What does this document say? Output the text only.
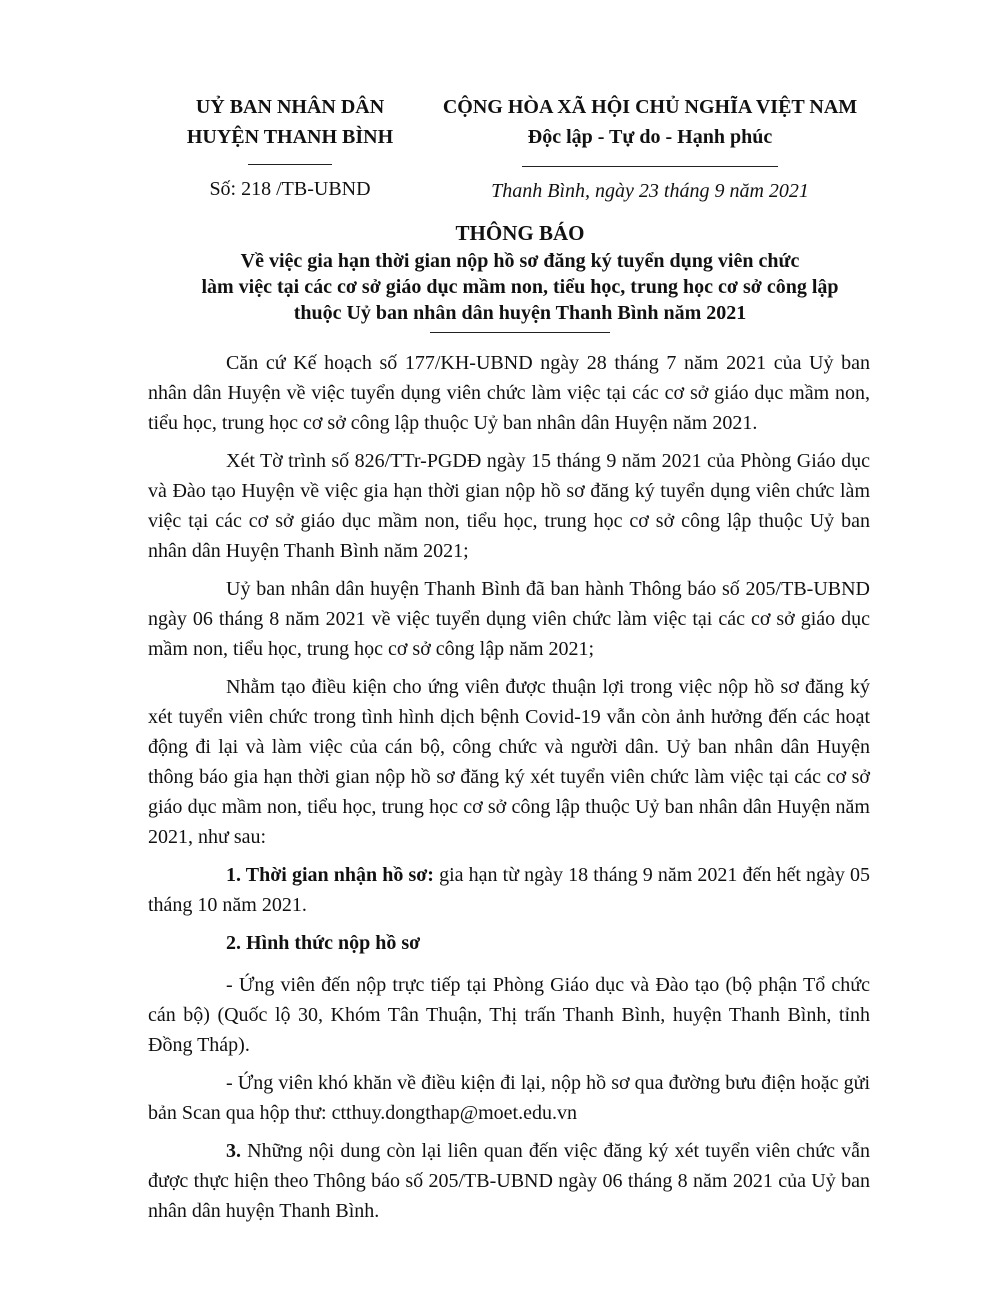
UỶ BAN NHÂN DÂN
HUYỆN THANH BÌNH
CỘNG HÒA XÃ HỘI CHỦ NGHĨA VIỆT NAM
Độc lập - Tự do - Hạnh phúc
Số: 218 /TB-UBND	Thanh Bình, ngày 23 tháng 9 năm 2021
THÔNG BÁO
Về việc gia hạn thời gian nộp hồ sơ đăng ký tuyển dụng viên chức
làm việc tại các cơ sở giáo dục mầm non, tiểu học, trung học cơ sở công lập
thuộc Uỷ ban nhân dân huyện Thanh Bình năm 2021

Căn cứ Kế hoạch số 177/KH-UBND ngày 28 tháng 7 năm 2021 của Uỷ ban nhân dân Huyện về việc tuyển dụng viên chức làm việc tại các cơ sở giáo dục mầm non, tiểu học, trung học cơ sở công lập thuộc Uỷ ban nhân dân Huyện năm 2021.

Xét Tờ trình số 826/TTr-PGDĐ ngày 15 tháng 9 năm 2021 của Phòng Giáo dục và Đào tạo Huyện về việc gia hạn thời gian nộp hồ sơ đăng ký tuyển dụng viên chức làm việc tại các cơ sở giáo dục mầm non, tiểu học, trung học cơ sở công lập thuộc Uỷ ban nhân dân Huyện Thanh Bình năm 2021;

Uỷ ban nhân dân huyện Thanh Bình đã ban hành Thông báo số 205/TB-UBND ngày 06 tháng 8 năm 2021 về việc tuyển dụng viên chức làm việc tại các cơ sở giáo dục mầm non, tiểu học, trung học cơ sở công lập năm 2021;

Nhằm tạo điều kiện cho ứng viên được thuận lợi trong việc nộp hồ sơ đăng ký xét tuyển viên chức trong tình hình dịch bệnh Covid-19 vẫn còn ảnh hưởng đến các hoạt động đi lại và làm việc của cán bộ, công chức và người dân. Uỷ ban nhân dân Huyện thông báo gia hạn thời gian nộp hồ sơ đăng ký xét tuyển viên chức làm việc tại các cơ sở giáo dục mầm non, tiểu học, trung học cơ sở công lập thuộc Uỷ ban nhân dân Huyện năm 2021, như sau:

1. Thời gian nhận hồ sơ: gia hạn từ ngày 18 tháng 9 năm 2021 đến hết ngày 05 tháng 10 năm 2021.

2. Hình thức nộp hồ sơ

- Ứng viên đến nộp trực tiếp tại Phòng Giáo dục và Đào tạo (bộ phận Tổ chức cán bộ) (Quốc lộ 30, Khóm Tân Thuận, Thị trấn Thanh Bình, huyện Thanh Bình, tỉnh Đồng Tháp).

- Ứng viên khó khăn về điều kiện đi lại, nộp hồ sơ qua đường bưu điện hoặc gửi bản Scan qua hộp thư: ctthuy.dongthap@moet.edu.vn

3. Những nội dung còn lại liên quan đến việc đăng ký xét tuyển viên chức vẫn được thực hiện theo Thông báo số 205/TB-UBND ngày 06 tháng 8 năm 2021 của Uỷ ban nhân dân huyện Thanh Bình.
